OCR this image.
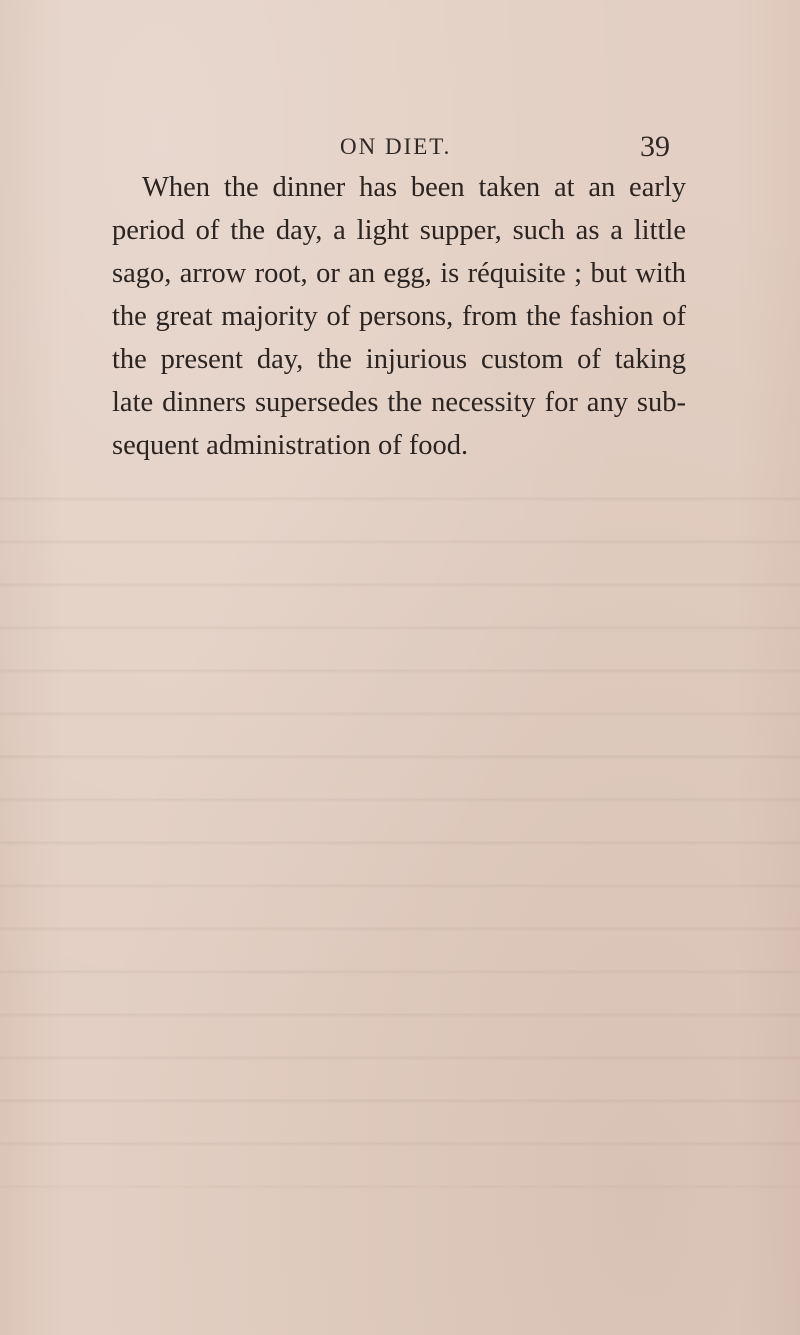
ON DIET.	39
When the dinner has been taken at an early
period of the day, a light supper, such as a little
sago, arrow root, or an egg, is réquisite ; but with
the great majority of persons, from the fashion of
the present day, the injurious custom of taking
late dinners supersedes the necessity for any sub-
sequent administration of food.
